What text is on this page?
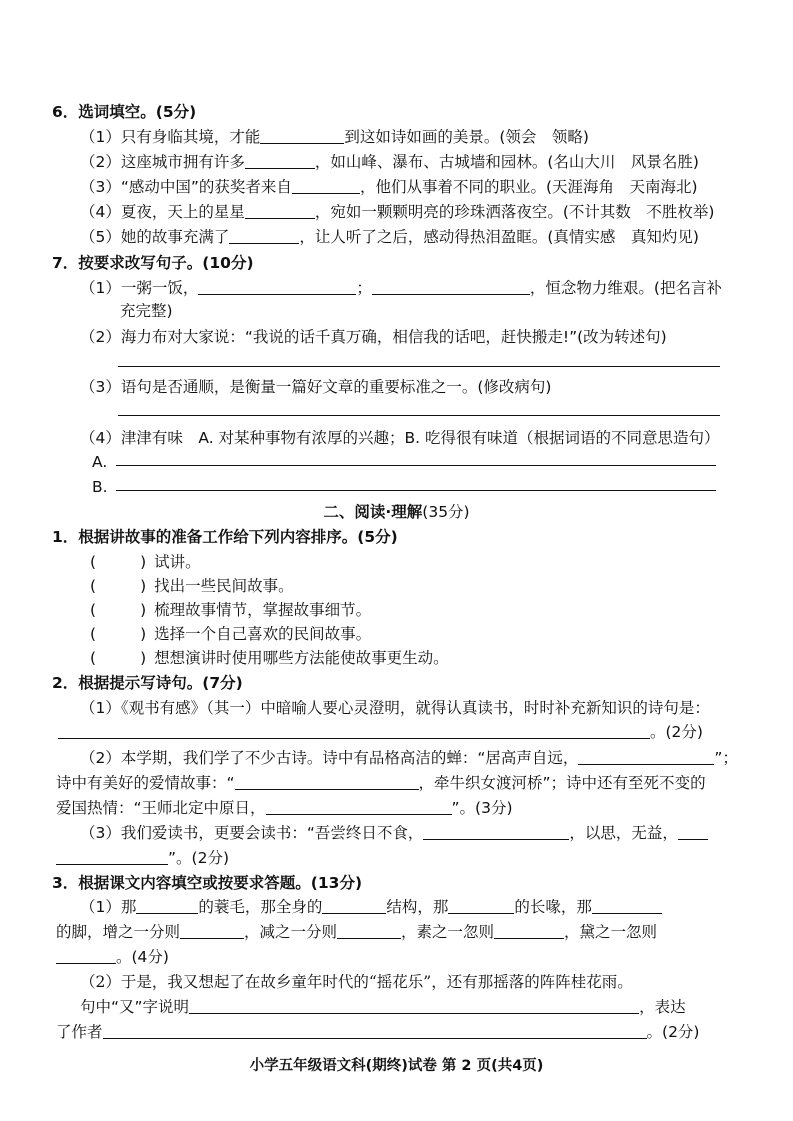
6．选词填空。(5分)
（1）只有身临其境，才能	到这如诗如画的美景。(领会　领略)
（2）这座城市拥有许多	，如山峰、瀑布、古城墙和园林。(名山大川　风景名胜)
（3）“感动中国”的获奖者来自	，他们从事着不同的职业。(天涯海角　天南海北)
（4）夏夜，天上的星星	，宛如一颗颗明亮的珍珠洒落夜空。(不计其数　不胜枚举)
（5）她的故事充满了	，让人听了之后，感动得热泪盈眶。(真情实感　真知灼见)
7．按要求改写句子。(10分)
（1）一粥一饭，	；	，恒念物力维艰。(把名言补
充完整)
（2）海力布对大家说：“我说的话千真万确，相信我的话吧，赶快搬走!”(改为转述句)
（3）语句是否通顺，是衡量一篇好文章的重要标准之一。(修改病句)
（4）津津有味　A. 对某种事物有浓厚的兴趣；B. 吃得很有味道（根据词语的不同意思造句）
A.
B.
二、阅读·理解(35分)
1．根据讲故事的准备工作给下列内容排序。(5分)
(	) 试讲。
(	) 找出一些民间故事。
(	) 梳理故事情节，掌握故事细节。
(	) 选择一个自己喜欢的民间故事。
(	) 想想演讲时使用哪些方法能使故事更生动。
2．根据提示写诗句。(7分)
（1）《观书有感》（其一）中暗喻人要心灵澄明，就得认真读书，时时补充新知识的诗句是：
。(2分)
（2）本学期，我们学了不少古诗。诗中有品格高洁的蝉：“居高声自远，	”；
诗中有美好的爱情故事：“	，牵牛织女渡河桥”；诗中还有至死不变的
爱国热情：“王师北定中原日，	”。(3分)
（3）我们爱读书，更要会读书：“吾尝终日不食，	，以思，无益，
”。(2分)
3．根据课文内容填空或按要求答题。(13分)
（1）那	的蓑毛，那全身的	结构，那	的长喙，那
的脚，增之一分则	，减之一分则	，素之一忽则	，黛之一忽则
。(4分)
（2）于是，我又想起了在故乡童年时代的“摇花乐”，还有那摇落的阵阵桂花雨。
句中“又”字说明	，表达
了作者	。(2分)
小学五年级语文科(期终)试卷 第 2 页(共4页)
